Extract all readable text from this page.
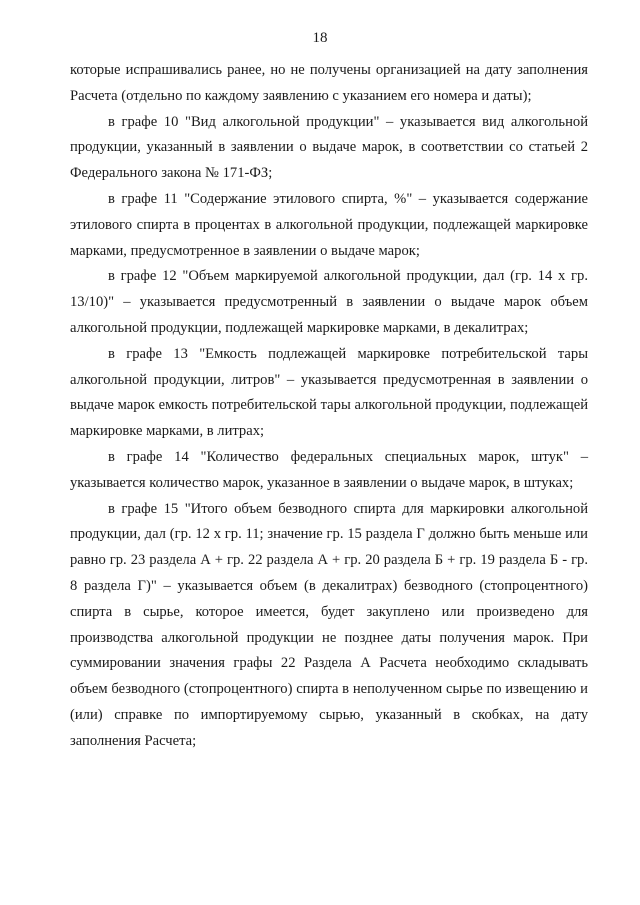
18

которые испрашивались ранее, но не получены организацией на дату заполнения Расчета (отдельно по каждому заявлению с указанием его номера и даты);

в графе 10 "Вид алкогольной продукции" – указывается вид алкогольной продукции, указанный в заявлении о выдаче марок, в соответствии со статьей 2 Федерального закона № 171-ФЗ;

в графе 11 "Содержание этилового спирта, %" – указывается содержание этилового спирта в процентах в алкогольной продукции, подлежащей маркировке марками, предусмотренное в заявлении о выдаче марок;

в графе 12 "Объем маркируемой алкогольной продукции, дал (гр. 14 х гр. 13/10)" – указывается предусмотренный в заявлении о выдаче марок объем алкогольной продукции, подлежащей маркировке марками, в декалитрах;

в графе 13 "Емкость подлежащей маркировке потребительской тары алкогольной продукции, литров" – указывается предусмотренная в заявлении о выдаче марок емкость потребительской тары алкогольной продукции, подлежащей маркировке марками, в литрах;

в графе 14 "Количество федеральных специальных марок, штук" – указывается количество марок, указанное в заявлении о выдаче марок, в штуках;

в графе 15 "Итого объем безводного спирта для маркировки алкогольной продукции, дал (гр. 12 х гр. 11; значение гр. 15 раздела Г должно быть меньше или равно гр. 23 раздела А + гр. 22 раздела А + гр. 20 раздела Б + гр. 19 раздела Б - гр. 8 раздела Г)" – указывается объем (в декалитрах) безводного (стопроцентного) спирта в сырье, которое имеется, будет закуплено или произведено для производства алкогольной продукции не позднее даты получения марок. При суммировании значения графы 22 Раздела А Расчета необходимо складывать объем безводного (стопроцентного) спирта в неполученном сырье по извещению и (или) справке по импортируемому сырью, указанный в скобках, на дату заполнения Расчета;
